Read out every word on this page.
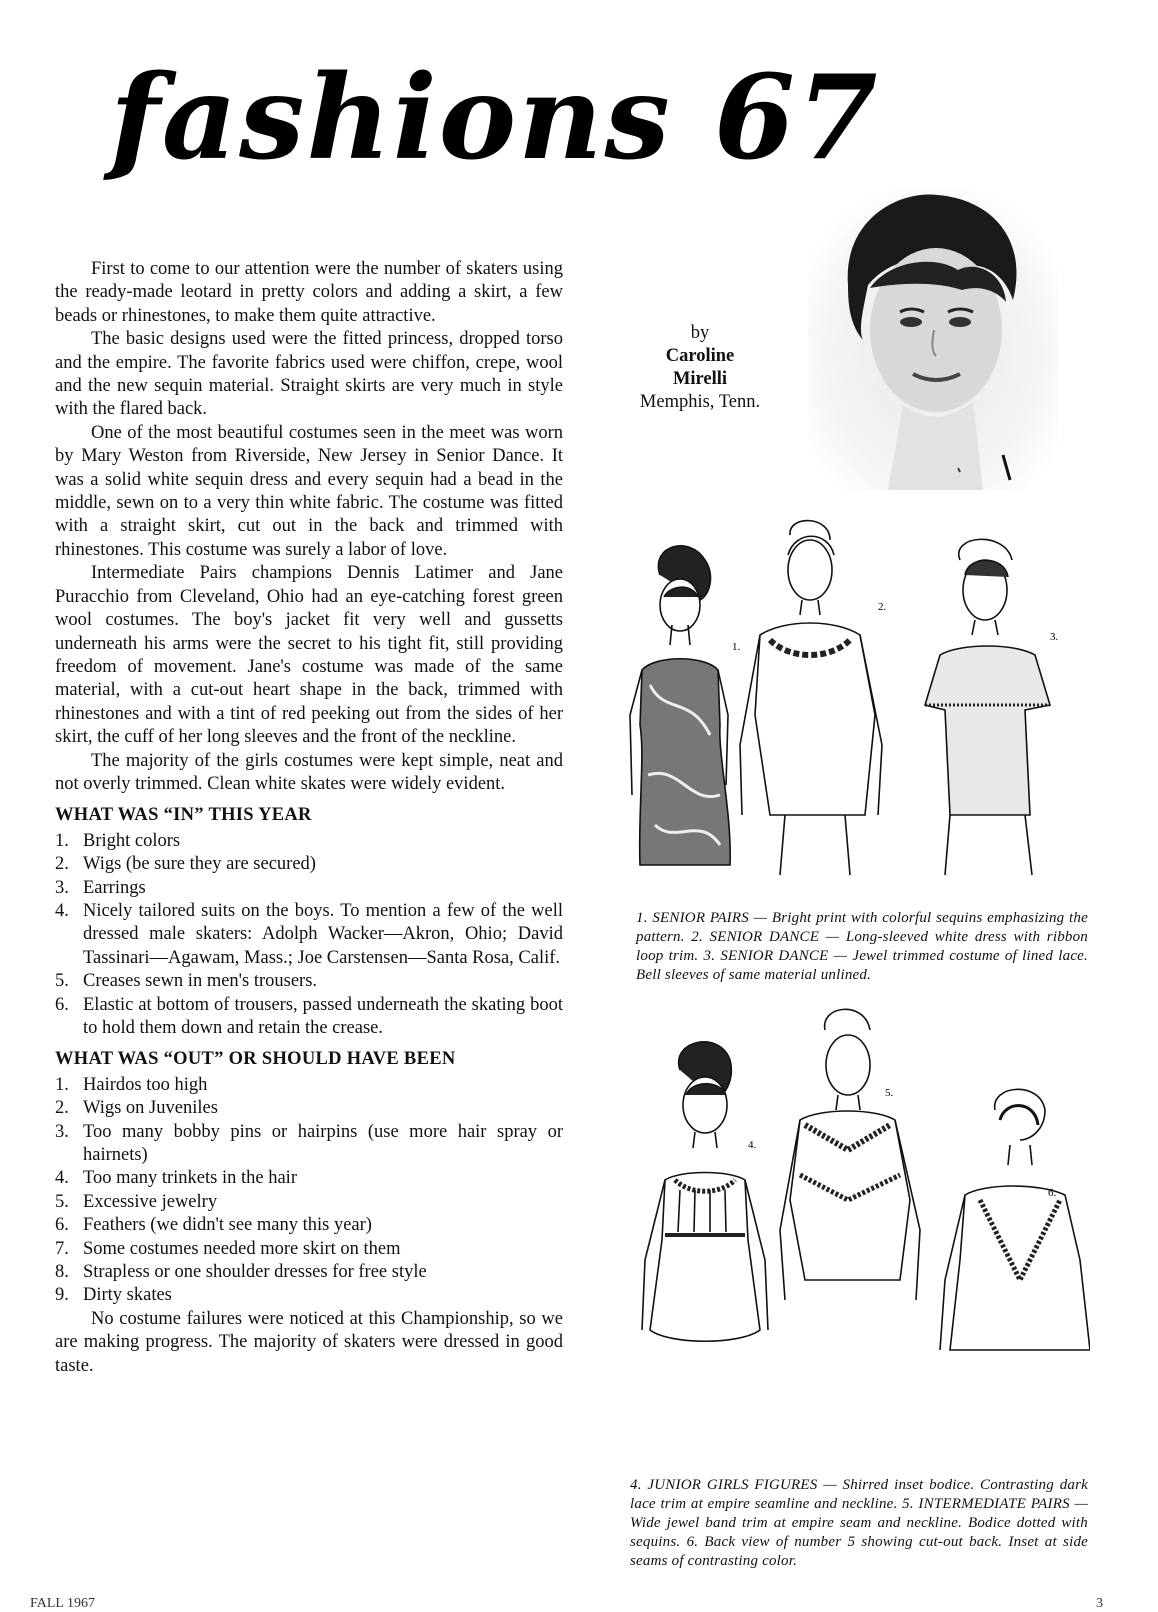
fashions 67

First to come to our attention were the number of skaters using the ready-made leotard in pretty colors and adding a skirt, a few beads or rhinestones, to make them quite attractive.

The basic designs used were the fitted princess, dropped torso and the empire. The favorite fabrics used were chiffon, crepe, wool and the new sequin material. Straight skirts are very much in style with the flared back.

One of the most beautiful costumes seen in the meet was worn by Mary Weston from Riverside, New Jersey in Senior Dance. It was a solid white sequin dress and every sequin had a bead in the middle, sewn on to a very thin white fabric. The costume was fitted with a straight skirt, cut out in the back and trimmed with rhinestones. This costume was surely a labor of love.

Intermediate Pairs champions Dennis Latimer and Jane Puracchio from Cleveland, Ohio had an eye-catching forest green wool costumes. The boy's jacket fit very well and gussetts underneath his arms were the secret to his tight fit, still providing freedom of movement. Jane's costume was made of the same material, with a cut-out heart shape in the back, trimmed with rhinestones and with a tint of red peeking out from the sides of her skirt, the cuff of her long sleeves and the front of the neckline.

The majority of the girls costumes were kept simple, neat and not overly trimmed. Clean white skates were widely evident.

WHAT WAS “IN” THIS YEAR
1. Bright colors
2. Wigs (be sure they are secured)
3. Earrings
4. Nicely tailored suits on the boys. To mention a few of the well dressed male skaters: Adolph Wacker—Akron, Ohio; David Tassinari—Agawam, Mass.; Joe Carstensen—Santa Rosa, Calif.
5. Creases sewn in men's trousers.
6. Elastic at bottom of trousers, passed underneath the skating boot to hold them down and retain the crease.
WHAT WAS “OUT” OR SHOULD HAVE BEEN
1. Hairdos too high
2. Wigs on Juveniles
3. Too many bobby pins or hairpins (use more hair spray or hairnets)
4. Too many trinkets in the hair
5. Excessive jewelry
6. Feathers (we didn't see many this year)
7. Some costumes needed more skirt on them
8. Strapless or one shoulder dresses for free style
9. Dirty skates

No costume failures were noticed at this Championship, so we are making progress. The majority of skaters were dressed in good taste.

by
Caroline
Mirelli
Memphis, Tenn.
1.
2.
3.
1. SENIOR PAIRS — Bright print with colorful sequins emphasizing the pattern. 2. SENIOR DANCE — Long-sleeved white dress with ribbon loop trim. 3. SENIOR DANCE — Jewel trimmed costume of lined lace. Bell sleeves of same material unlined.
4.
5.
6.
4. JUNIOR GIRLS FIGURES — Shirred inset bodice. Contrasting dark lace trim at empire seamline and neckline. 5. INTERMEDIATE PAIRS — Wide jewel band trim at empire seam and neckline. Bodice dotted with sequins. 6. Back view of number 5 showing cut-out back. Inset at side seams of contrasting color.
FALL 1967	3
